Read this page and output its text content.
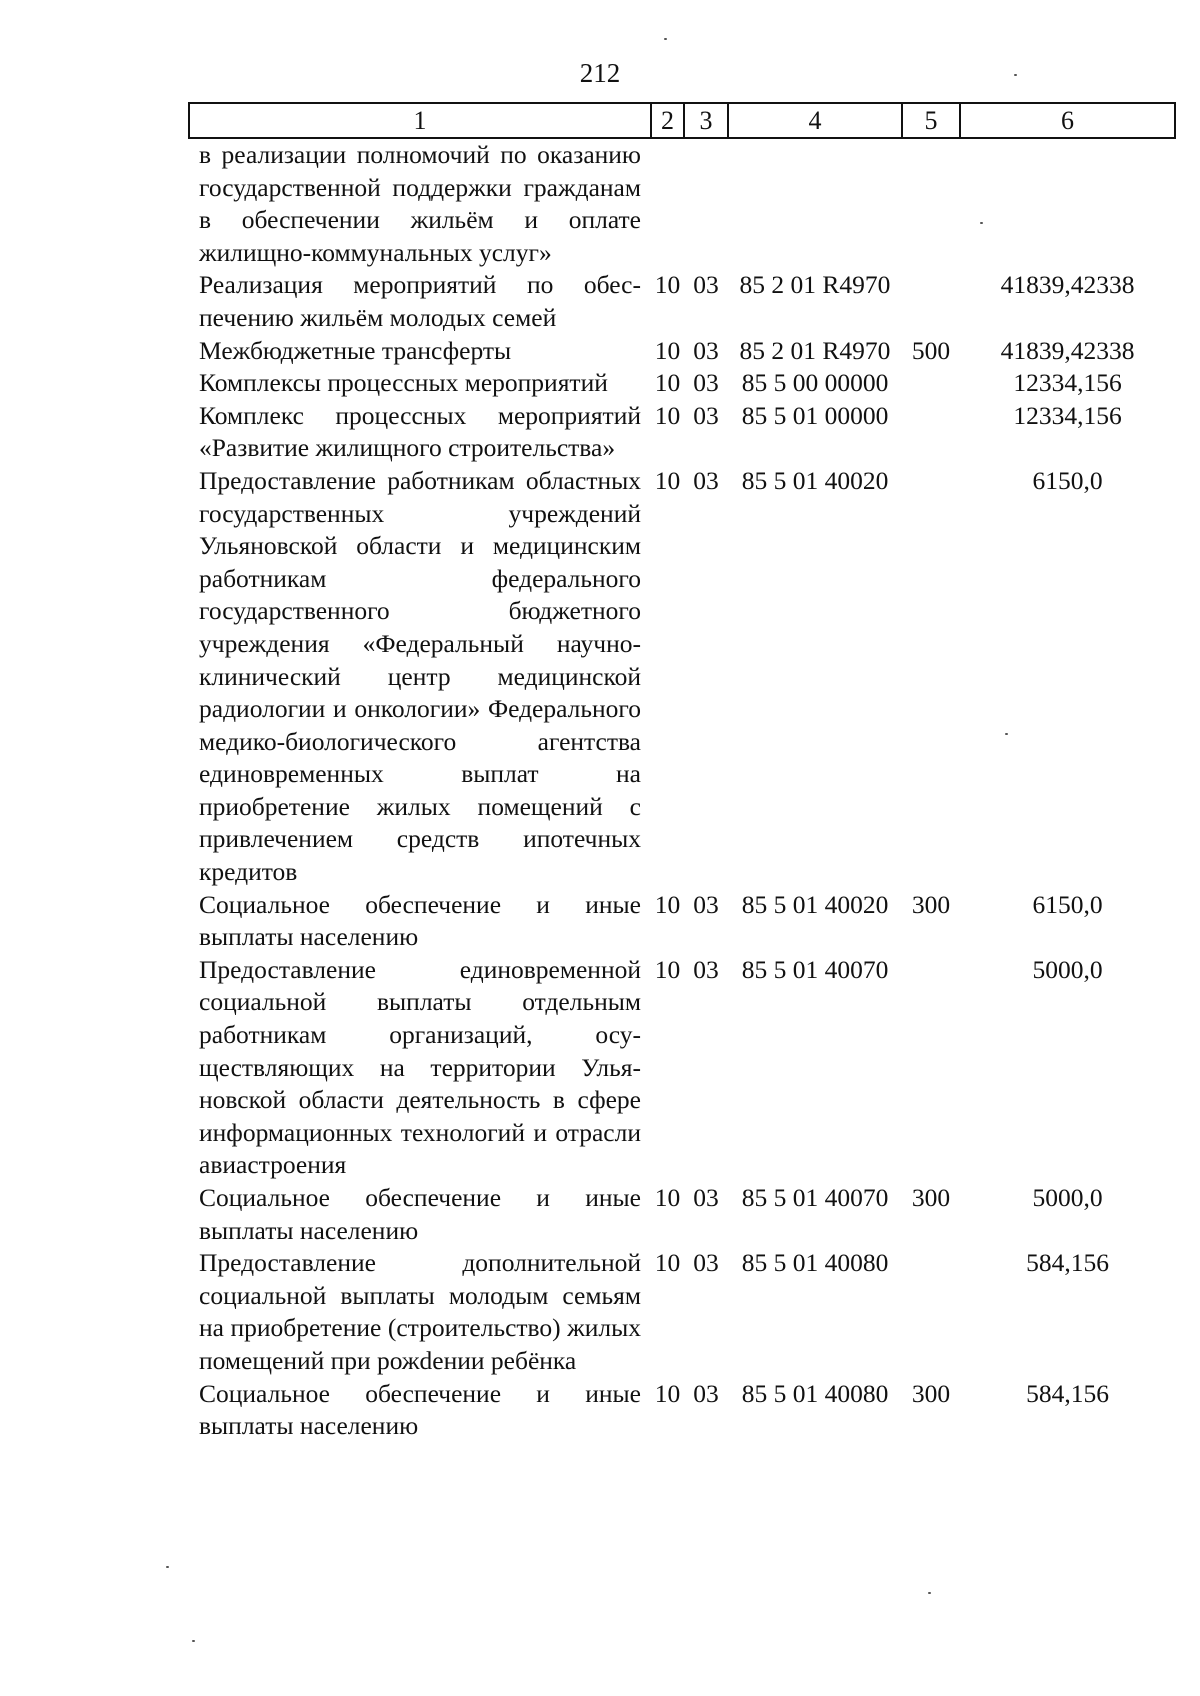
212
1	2	3	4	5	6
в реализации полномочий по оказанию государственной поддержки гражданам в обеспечении жильём и оплате жилищно-коммунальных услуг»					
Реализация мероприятий по обеспечению жильём молодых семей	10	03	85 2 01 R4970		41839,42338
Межбюджетные трансферты	10	03	85 2 01 R4970	500	41839,42338
Комплексы процессных мероприятий	10	03	85 5 00 00000		12334,156
Комплекс процессных мероприятий «Развитие жилищного строительства»	10	03	85 5 01 00000		12334,156
Предоставление работникам областных государственных учреждений Ульяновской области и медицинским работникам федерального государственного бюджетного учреждения «Федеральный научно-клинический центр медицинской радиологии и онкологии» Федерального медико-биологического агентства единовременных выплат на приобретение жилых помещений с привлечением средств ипотечных кредитов	10	03	85 5 01 40020		6150,0
Социальное обеспечение и иные выплаты населению	10	03	85 5 01 40020	300	6150,0
Предоставление единовременной социальной выплаты отдельным работникам организаций, осуществляющих на территории Ульяновской области деятельность в сфере информационных технологий и отрасли авиастроения	10	03	85 5 01 40070		5000,0
Социальное обеспечение и иные выплаты населению	10	03	85 5 01 40070	300	5000,0
Предоставление дополнительной социальной выплаты молодым семьям на приобретение (строительство) жилых помещений при рожdении ребёнка	10	03	85 5 01 40080		584,156
Социальное обеспечение и иные выплаты населению	10	03	85 5 01 40080	300	584,156
